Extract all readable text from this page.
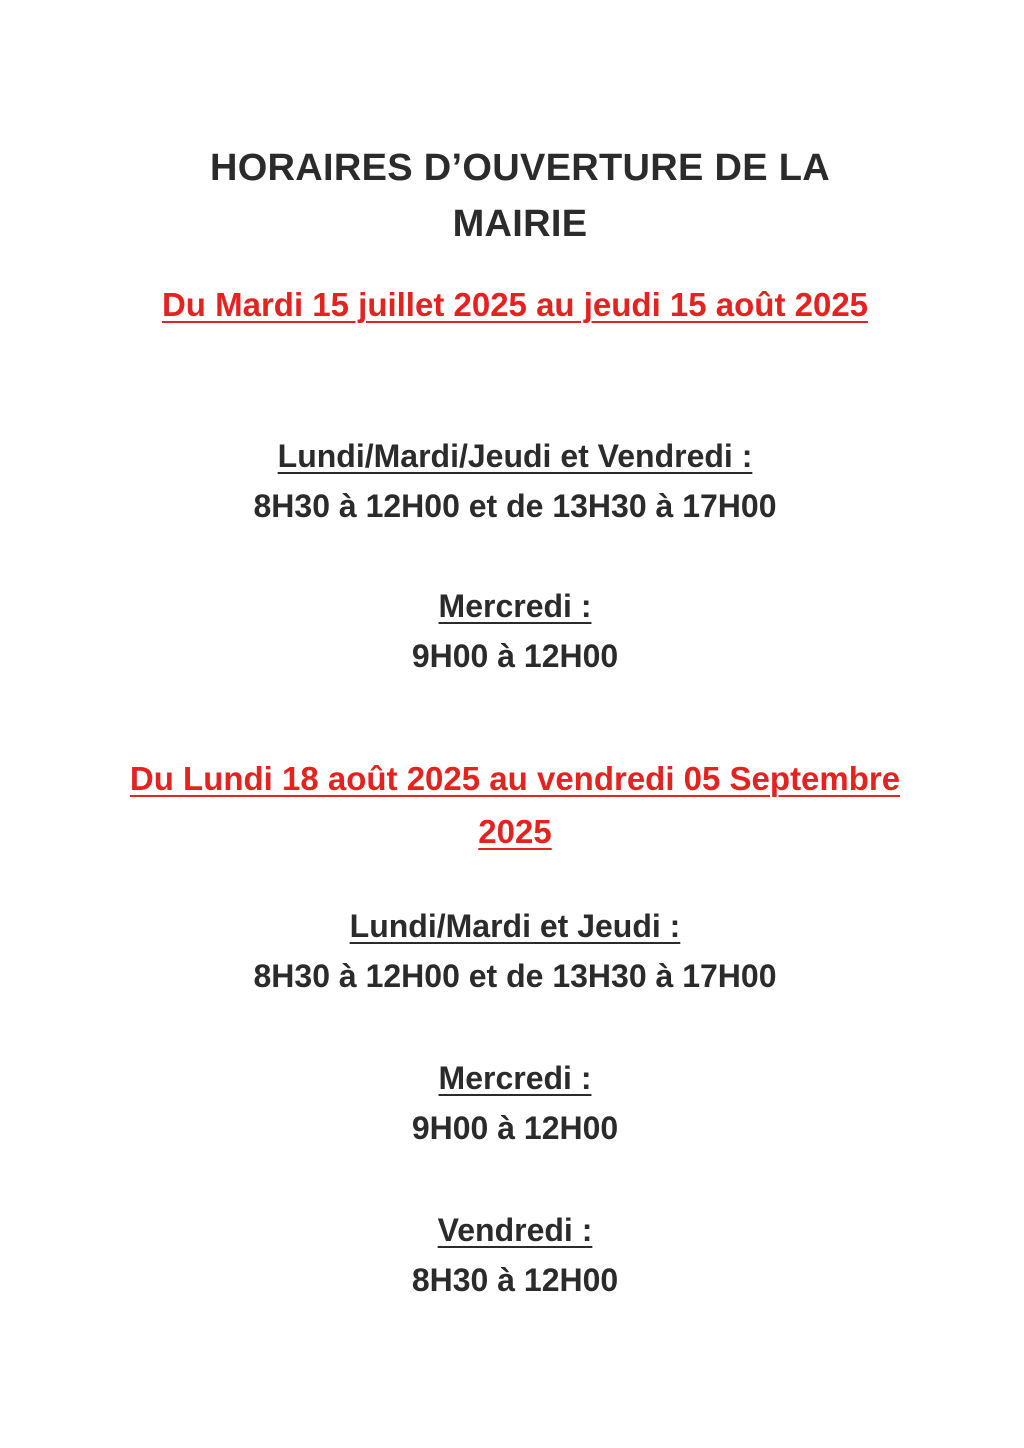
HORAIRES D’OUVERTURE DE LA MAIRIE
Du Mardi 15 juillet 2025 au jeudi 15 août 2025
Lundi/Mardi/Jeudi et Vendredi :
8H30 à 12H00 et de 13H30 à 17H00
Mercredi :
9H00 à 12H00
Du Lundi 18 août 2025 au vendredi 05 Septembre 2025
Lundi/Mardi et Jeudi :
8H30 à 12H00 et de 13H30 à 17H00
Mercredi :
9H00 à 12H00
Vendredi :
8H30 à 12H00
